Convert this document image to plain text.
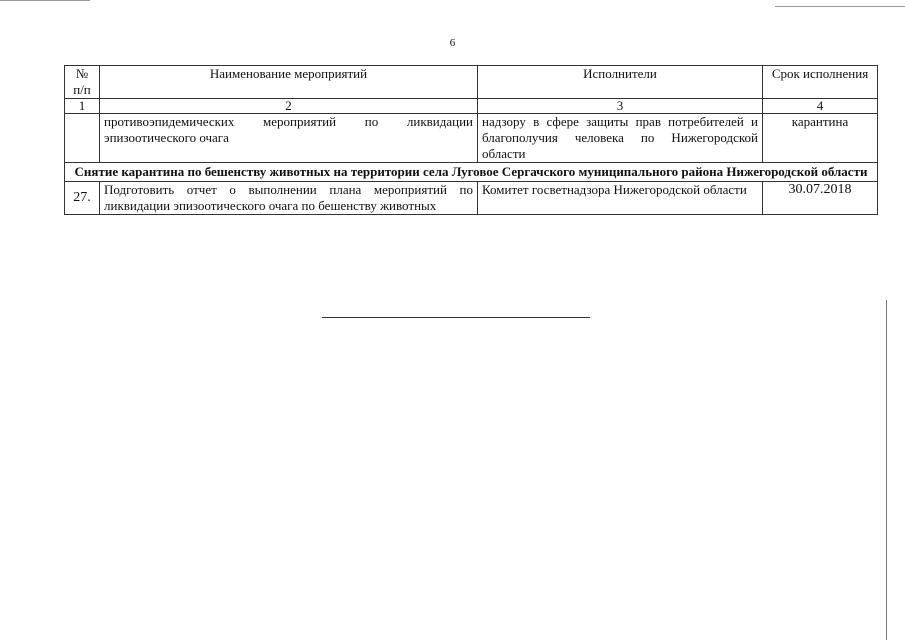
6
№ п/п	Наименование мероприятий	Исполнители	Срок исполнения
1	2	3	4
	противоэпидемических мероприятий по ликвидации эпизоотического очага	надзору в сфере защиты прав потребителей и благополучия человека по Нижегородской области	карантина
Снятие карантина по бешенству животных на территории села Луговое Сергачского муниципального района Нижегородской области			
27.	Подготовить отчет о выполнении плана мероприятий по ликвидации эпизоотического очага по бешенству животных	Комитет госветнадзора Нижегородской области	30.07.2018
